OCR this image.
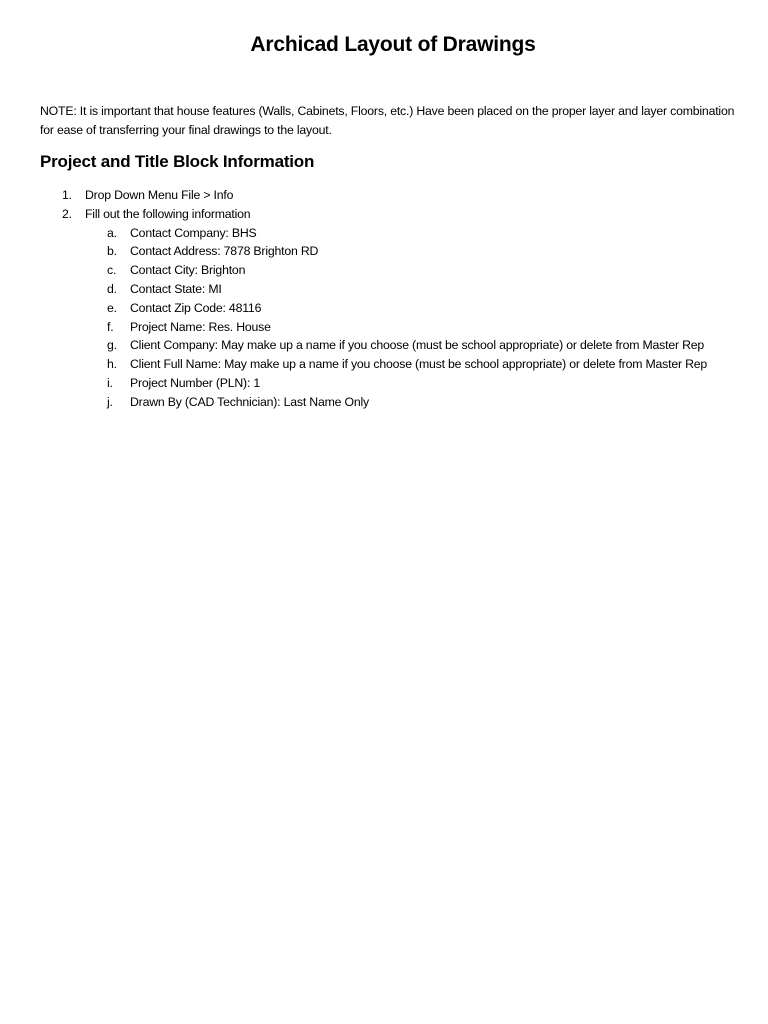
Archicad Layout of Drawings

NOTE: It is important that house features (Walls, Cabinets, Floors, etc.) Have been placed on the proper layer and layer combination for ease of transferring your final drawings to the layout.

Project and Title Block Information
1.	Drop Down Menu File > Info
2.	Fill out the following information
a.	Contact Company: BHS
b.	Contact Address: 7878 Brighton RD
c.	Contact City: Brighton
d.	Contact State: MI
e.	Contact Zip Code: 48116
f.	Project Name: Res. House
g.	Client Company: May make up a name if you choose (must be school appropriate) or delete from Master Rep
h.	Client Full Name: May make up a name if you choose (must be school appropriate) or delete from Master Rep
i.	Project Number (PLN): 1
j.	Drawn By (CAD Technician): Last Name Only
